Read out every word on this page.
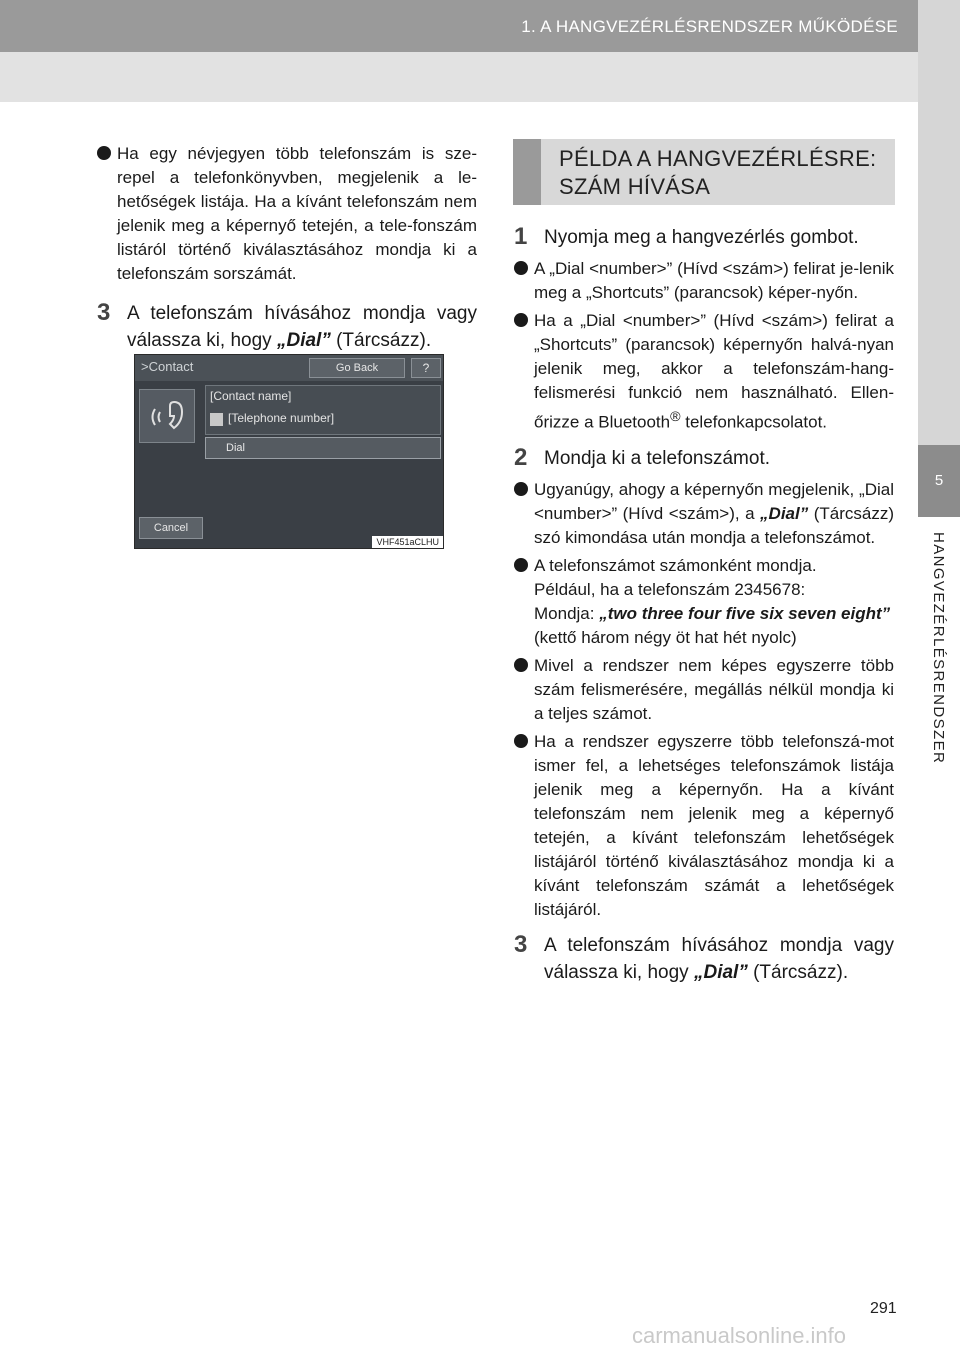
1. A HANGVEZÉRLÉSRENDSZER MŰKÖDÉSE
5
HANGVEZÉRLÉSRENDSZER
Ha egy névjegyen több telefonszám is sze-repel a telefonkönyvben, megjelenik a le-hetőségek listája. Ha a kívánt telefonszám nem jelenik meg a képernyő tetején, a tele-fonszám listáról történő kiválasztásához mondja ki a telefonszám sorszámát.
3 A telefonszám hívásához mondja vagy válassza ki, hogy „Dial” (Tárcsázz).
>Contact	Go Back	?
[Contact name]
[Telephone number]
Dial
Cancel
VHF451aCLHU
PÉLDA A HANGVEZÉRLÉSRE:
SZÁM HÍVÁSA
1 Nyomja meg a hangvezérlés gombot.
A „Dial <number>” (Hívd <szám>) felirat je-lenik meg a „Shortcuts” (parancsok) képer-nyőn.
Ha a „Dial <number>” (Hívd <szám>) felirat a „Shortcuts” (parancsok) képernyőn halvá-nyan jelenik meg, akkor a telefonszám-hang-felismerési funkció nem használható. Ellen-őrizze a Bluetooth® telefonkapcsolatot.
2 Mondja ki a telefonszámot.
Ugyanúgy, ahogy a képernyőn megjelenik, „Dial <number>” (Hívd <szám>), a „Dial” (Tárcsázz) szó kimondása után mondja a telefonszámot.
A telefonszámot számonként mondja.
Például, ha a telefonszám 2345678:
Mondja: „two three four five six seven eight”
(kettő három négy öt hat hét nyolc)
Mivel a rendszer nem képes egyszerre több szám felismerésére, megállás nélkül mondja ki a teljes számot.
Ha a rendszer egyszerre több telefonszá-mot ismer fel, a lehetséges telefonszámok listája jelenik meg a képernyőn. Ha a kívánt telefonszám nem jelenik meg a képernyő tetején, a kívánt telefonszám lehetőségek listájáról történő kiválasztásához mondja ki a kívánt telefonszám számát a lehetőségek listájáról.
3 A telefonszám hívásához mondja vagy válassza ki, hogy „Dial” (Tárcsázz).
291
carmanualsonline.info
